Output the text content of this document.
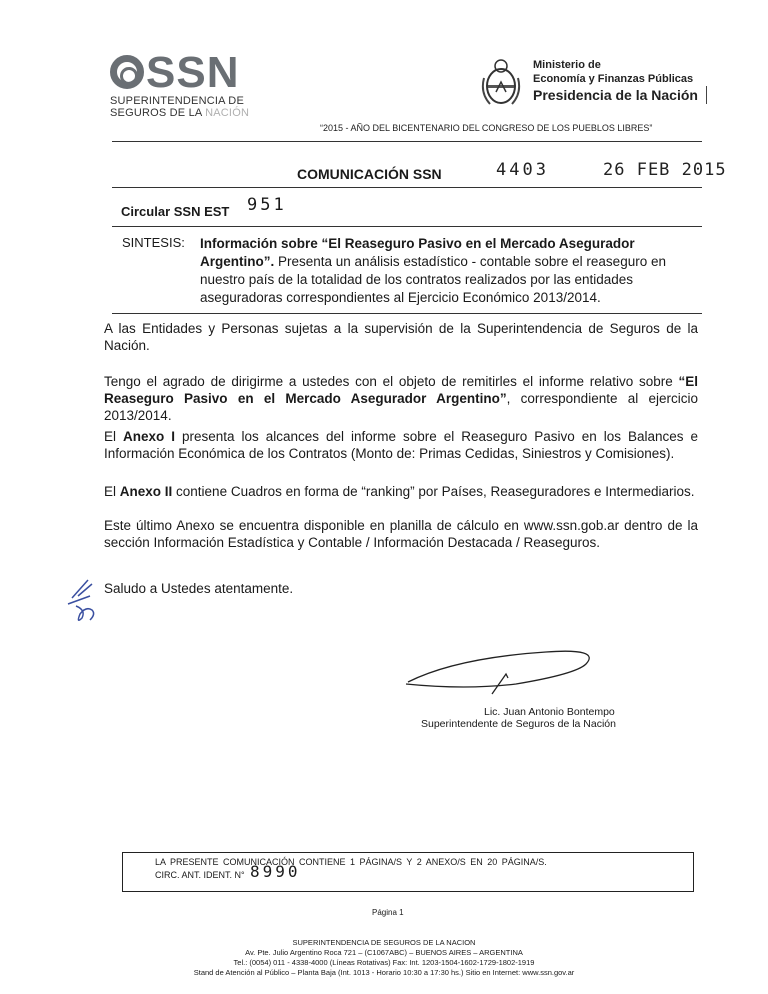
SSN
SUPERINTENDENCIA DE
SEGUROS DE LA NACIÓN
Ministerio de
Economía y Finanzas Públicas
Presidencia de la Nación
“2015 - AÑO DEL BICENTENARIO DEL CONGRESO DE LOS PUEBLOS LIBRES”
COMUNICACIÓN SSN	4403	26 FEB 2015
Circular SSN EST 951
SINTESIS: Información sobre “El Reaseguro Pasivo en el Mercado Asegurador Argentino”. Presenta un análisis estadístico - contable sobre el reaseguro en nuestro país de la totalidad de los contratos realizados por las entidades aseguradoras correspondientes al Ejercicio Económico 2013/2014.
A las Entidades y Personas sujetas a la supervisión de la Superintendencia de Seguros de la Nación.
Tengo el agrado de dirigirme a ustedes con el objeto de remitirles el informe relativo sobre “El Reaseguro Pasivo en el Mercado Asegurador Argentino”, correspondiente al ejercicio 2013/2014.
El Anexo I presenta los alcances del informe sobre el Reaseguro Pasivo en los Balances e Información Económica de los Contratos (Monto de: Primas Cedidas, Siniestros y Comisiones).
El Anexo II contiene Cuadros en forma de “ranking” por Países, Reaseguradores e Intermediarios.
Este último Anexo se encuentra disponible en planilla de cálculo en www.ssn.gob.ar dentro de la sección Información Estadística y Contable / Información Destacada / Reaseguros.
Saludo a Ustedes atentamente.
Lic. Juan Antonio Bontempo
Superintendente de Seguros de la Nación
LA PRESENTE COMUNICACIÓN CONTIENE 1 PÁGINA/S Y 2 ANEXO/S EN 20 PÁGINA/S.
CIRC. ANT. IDENT. N° 8990
Página 1
SUPERINTENDENCIA DE SEGUROS DE LA NACION
Av. Pte. Julio Argentino Roca 721 – (C1067ABC) – BUENOS AIRES – ARGENTINA
Tel.: (0054) 011 - 4338-4000 (Líneas Rotativas) Fax: Int. 1203-1504-1602-1729-1802-1919
Stand de Atención al Público – Planta Baja (Int. 1013 - Horario 10:30 a 17:30 hs.) Sitio en Internet: www.ssn.gov.ar
